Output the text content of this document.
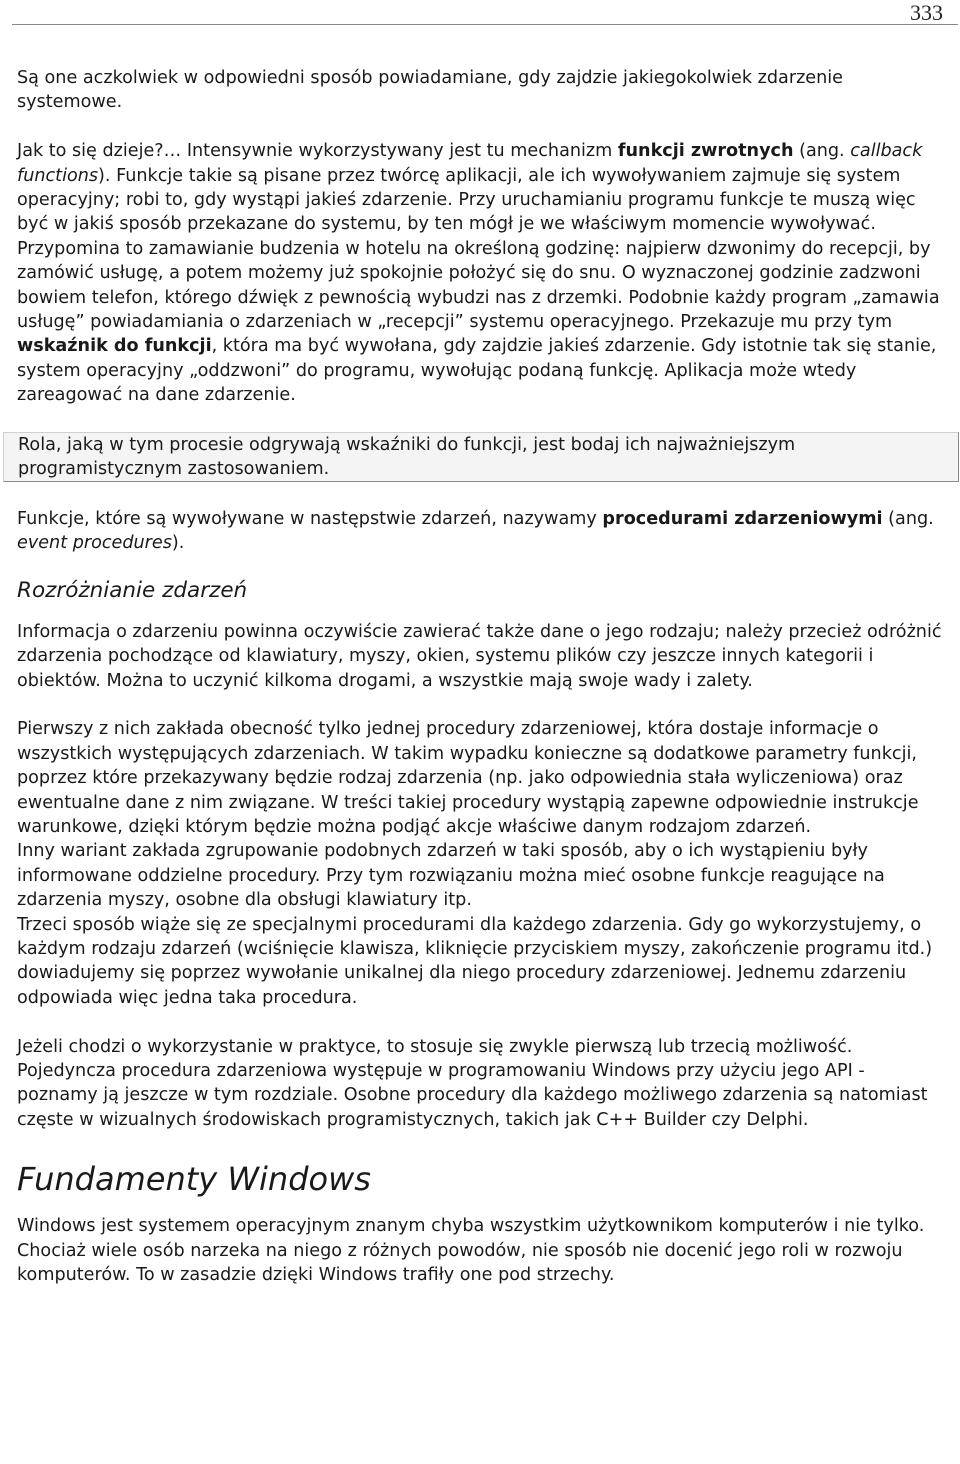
333

Są one aczkolwiek w odpowiedni sposób powiadamiane, gdy zajdzie jakiegokolwiek zdarzenie systemowe.

Jak to się dzieje?… Intensywnie wykorzystywany jest tu mechanizm funkcji zwrotnych (ang. callback functions). Funkcje takie są pisane przez twórcę aplikacji, ale ich wywoływaniem zajmuje się system operacyjny; robi to, gdy wystąpi jakieś zdarzenie. Przy uruchamianiu programu funkcje te muszą więc być w jakiś sposób przekazane do systemu, by ten mógł je we właściwym momencie wywoływać. Przypomina to zamawianie budzenia w hotelu na określoną godzinę: najpierw dzwonimy do recepcji, by zamówić usługę, a potem możemy już spokojnie położyć się do snu. O wyznaczonej godzinie zadzwoni bowiem telefon, którego dźwięk z pewnością wybudzi nas z drzemki. Podobnie każdy program „zamawia usługę” powiadamiania o zdarzeniach w „recepcji” systemu operacyjnego. Przekazuje mu przy tym wskaźnik do funkcji, która ma być wywołana, gdy zajdzie jakieś zdarzenie. Gdy istotnie tak się stanie, system operacyjny „oddzwoni” do programu, wywołując podaną funkcję. Aplikacja może wtedy zareagować na dane zdarzenie.

Rola, jaką w tym procesie odgrywają wskaźniki do funkcji, jest bodaj ich najważniejszym programistycznym zastosowaniem.

Funkcje, które są wywoływane w następstwie zdarzeń, nazywamy procedurami zdarzeniowymi (ang. event procedures).

Rozróżnianie zdarzeń

Informacja o zdarzeniu powinna oczywiście zawierać także dane o jego rodzaju; należy przecież odróżnić zdarzenia pochodzące od klawiatury, myszy, okien, systemu plików czy jeszcze innych kategorii i obiektów. Można to uczynić kilkoma drogami, a wszystkie mają swoje wady i zalety.

Pierwszy z nich zakłada obecność tylko jednej procedury zdarzeniowej, która dostaje informacje o wszystkich występujących zdarzeniach. W takim wypadku konieczne są dodatkowe parametry funkcji, poprzez które przekazywany będzie rodzaj zdarzenia (np. jako odpowiednia stała wyliczeniowa) oraz ewentualne dane z nim związane. W treści takiej procedury wystąpią zapewne odpowiednie instrukcje warunkowe, dzięki którym będzie można podjąć akcje właściwe danym rodzajom zdarzeń.

Inny wariant zakłada zgrupowanie podobnych zdarzeń w taki sposób, aby o ich wystąpieniu były informowane oddzielne procedury. Przy tym rozwiązaniu można mieć osobne funkcje reagujące na zdarzenia myszy, osobne dla obsługi klawiatury itp.

Trzeci sposób wiąże się ze specjalnymi procedurami dla każdego zdarzenia. Gdy go wykorzystujemy, o każdym rodzaju zdarzeń (wciśnięcie klawisza, kliknięcie przyciskiem myszy, zakończenie programu itd.) dowiadujemy się poprzez wywołanie unikalnej dla niego procedury zdarzeniowej. Jednemu zdarzeniu odpowiada więc jedna taka procedura.

Jeżeli chodzi o wykorzystanie w praktyce, to stosuje się zwykle pierwszą lub trzecią możliwość. Pojedyncza procedura zdarzeniowa występuje w programowaniu Windows przy użyciu jego API - poznamy ją jeszcze w tym rozdziale. Osobne procedury dla każdego możliwego zdarzenia są natomiast częste w wizualnych środowiskach programistycznych, takich jak C++ Builder czy Delphi.

Fundamenty Windows

Windows jest systemem operacyjnym znanym chyba wszystkim użytkownikom komputerów i nie tylko. Chociaż wiele osób narzeka na niego z różnych powodów, nie sposób nie docenić jego roli w rozwoju komputerów. To w zasadzie dzięki Windows trafiły one pod strzechy.
